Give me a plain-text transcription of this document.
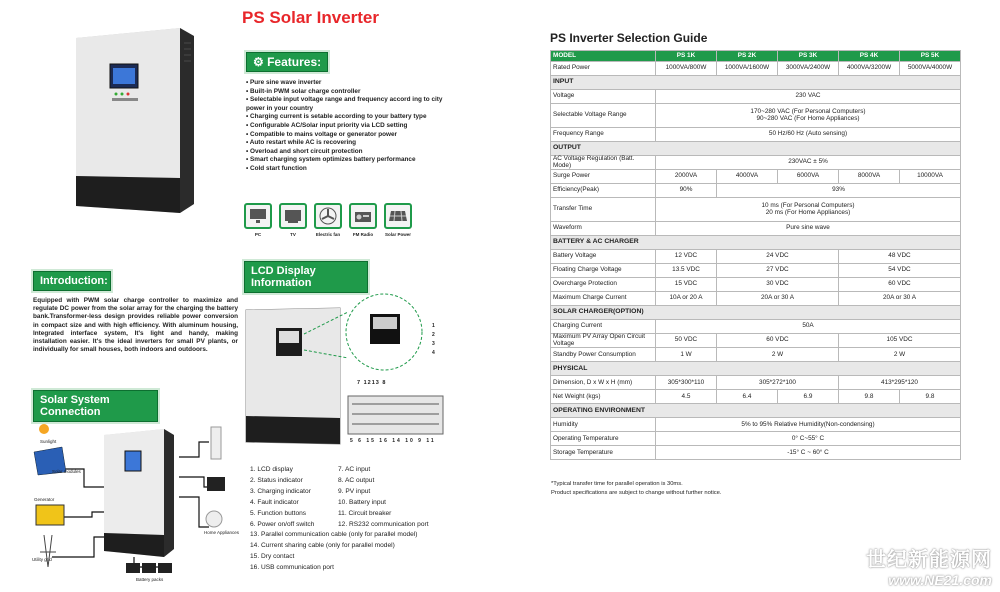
PS Solar Inverter
⚙ Features:
• Pure sine wave inverter
• Built-in PWM solar charge controller
• Selectable input voltage range and frequency accord ing to city power in your country
• Charging current is setable according to your battery type
• Configurable AC/Solar input priority via LCD setting
• Compatible to mains voltage or generator power
• Auto restart while AC is recovering
• Overload and short circuit protection
• Smart charging system optimizes battery performance
• Cold start function
PC	TV	Electric fan	FM Radio	Solar Power
Introduction:
Equipped with PWM solar charge controller to maximize and regulate DC power from the solar array for the charging the battery bank.Transformer-less design provides reliable power conversion in compact size and with high efficiency. With aluminum housing, Integrated interface system, It's light and handy, making installation easier. It's the ideal inverters for small PV plants, or individually for small houses, both indoors and outdoors.
Solar System Connection
Sunlight
Solar modules
Generator
Utility grid
Battery packs
Home Appliances
LCD Display Information
7 1213 8
1
2
3
4
5 6 15 16 14 10 9 11
1. LCD display	7. AC input
2. Status indicator	8. AC output
3. Charging indicator	9. PV input
4. Fault indicator	10. Battery input
5. Function buttons	11. Circuit breaker
6. Power on/off switch	12. RS232 communication port
13. Parallel communication cable (only for parallel model)
14. Current sharing cable (only for parallel model)
15. Dry contact
16. USB communication port
PS Inverter Selection Guide
MODEL	PS 1K	PS 2K	PS 3K	PS 4K	PS 5K
Rated Power	1000VA/800W	1000VA/1600W	3000VA/2400W	4000VA/3200W	5000VA/4000W
INPUT					
Voltage	230 VAC				
Selectable Voltage Range	170~280 VAC (For Personal Computers)
90~280 VAC (For Home Appliances)				
Frequency Range	50 Hz/60 Hz (Auto sensing)				
OUTPUT					
AC Voltage Regulation (Batt. Mode)	230VAC ± 5%				
Surge Power	2000VA	4000VA	6000VA	8000VA	10000VA
Efficiency(Peak)	90%	93%			
Transfer Time	10 ms (For Personal Computers)
20 ms (For Home Appliances)				
Waveform	Pure sine wave				
BATTERY & AC CHARGER					
Battery Voltage	12 VDC	24 VDC		48 VDC	
Floating Charge Voltage	13.5 VDC	27 VDC		54 VDC	
Overcharge Protection	15 VDC	30 VDC		60 VDC	
Maximum Charge Current	10A or 20 A	20A or 30 A		20A or 30 A	
SOLAR CHARGER(OPTION)					
Charging Current	50A				
Maximum PV Array Open Circuit Voltage	50 VDC	60 VDC		105 VDC	
Standby Power Consumption	1 W	2 W		2 W	
PHYSICAL					
Dimension, D x W x H (mm)	305*300*110	305*272*100		413*295*120	
Net Weight (kgs)	4.5	6.4	6.9	9.8	9.8
OPERATING ENVIRONMENT					
Humidity	5% to 95% Relative Humidity(Non-condensing)				
Operating Temperature	0° C~55° C				
Storage Temperature	-15° C ~ 60° C				
*Typical transfer time for parallel operation is 30ms.
Product specifications are subject to change without further notice.
世纪新能源网
www.NE21.com
